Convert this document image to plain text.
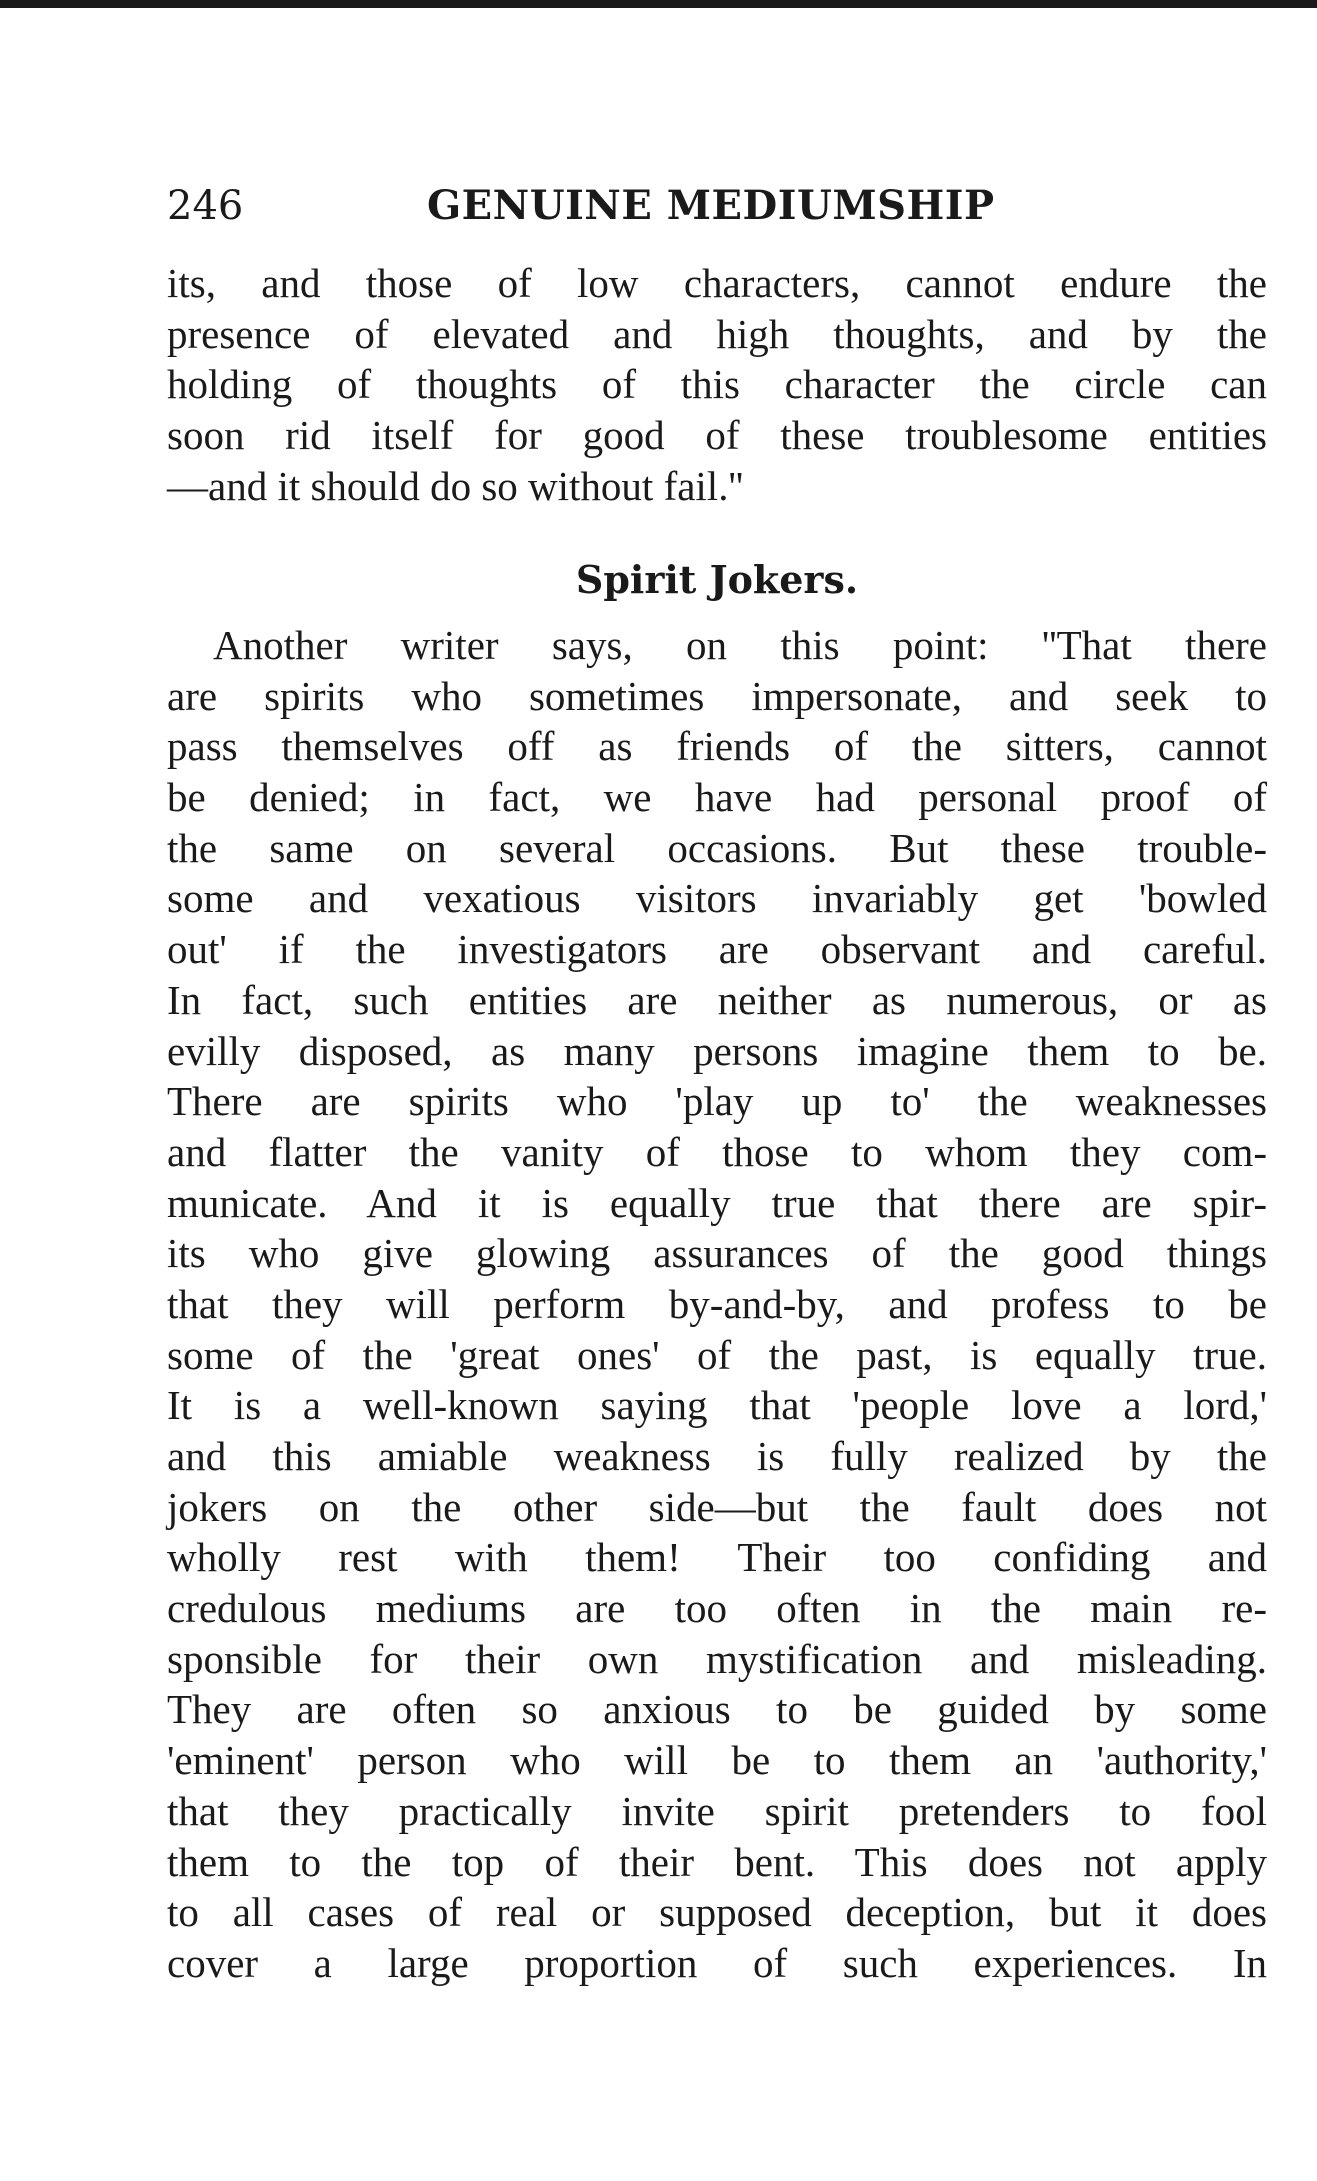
246	GENUINE MEDIUMSHIP
its, and those of low characters, cannot endure the
presence of elevated and high thoughts, and by the
holding of thoughts of this character the circle can
soon rid itself for good of these troublesome entities
—and it should do so without fail.''
Spirit Jokers.
Another writer says, on this point: ''That there
are spirits who sometimes impersonate, and seek to
pass themselves off as friends of the sitters, cannot
be denied; in fact, we have had personal proof of
the same on several occasions. But these trouble-
some and vexatious visitors invariably get 'bowled
out' if the investigators are observant and careful.
In fact, such entities are neither as numerous, or as
evilly disposed, as many persons imagine them to be.
There are spirits who 'play up to' the weaknesses
and flatter the vanity of those to whom they com-
municate. And it is equally true that there are spir-
its who give glowing assurances of the good things
that they will perform by-and-by, and profess to be
some of the 'great ones' of the past, is equally true.
It is a well-known saying that 'people love a lord,'
and this amiable weakness is fully realized by the
jokers on the other side—but the fault does not
wholly rest with them! Their too confiding and
credulous mediums are too often in the main re-
sponsible for their own mystification and misleading.
They are often so anxious to be guided by some
'eminent' person who will be to them an 'authority,'
that they practically invite spirit pretenders to fool
them to the top of their bent. This does not apply
to all cases of real or supposed deception, but it does
cover a large proportion of such experiences. In
